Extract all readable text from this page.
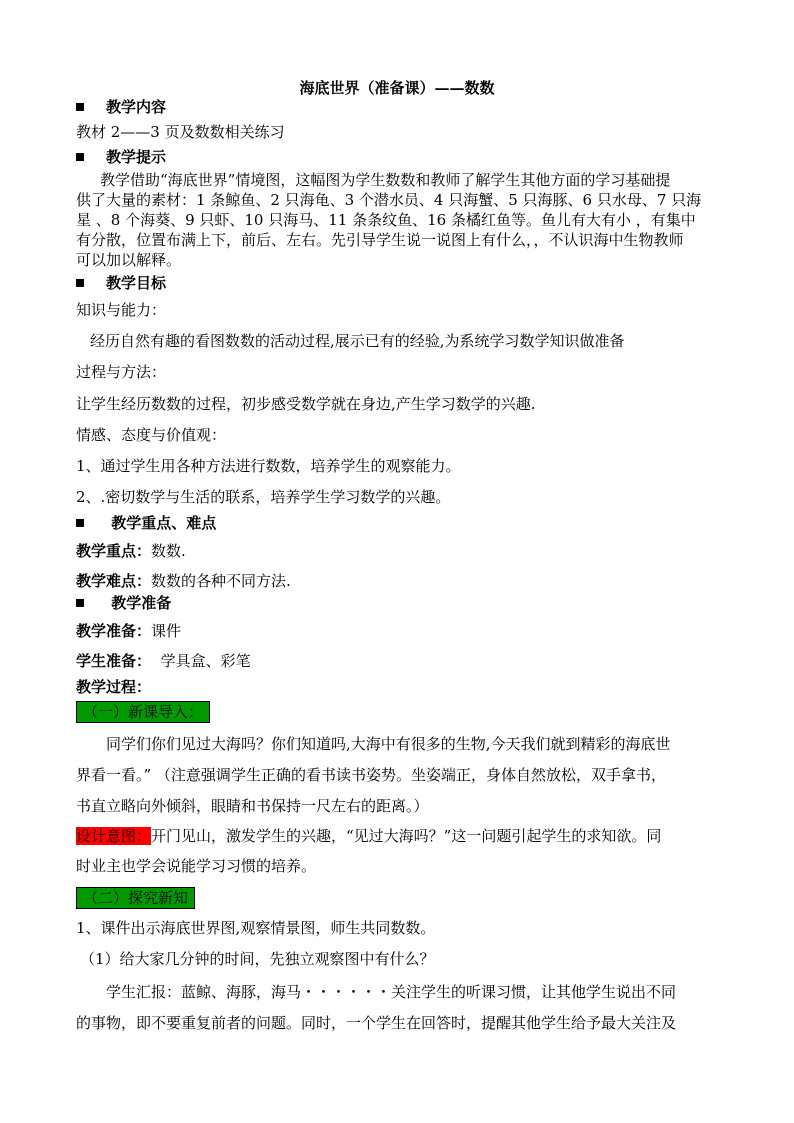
海底世界（准备课）——数数
教学内容
教材 2——3 页及数数相关练习
教学提示
教学借助“海底世界”情境图，这幅图为学生数数和教师了解学生其他方面的学习基础提
供了大量的素材：1 条鲸鱼、2 只海龟、3 个潜水员、4 只海蟹、5 只海豚、6 只水母、7 只海
星 、8 个海葵、9 只虾、10 只海马、11 条条纹鱼、16 条橘红鱼等。鱼儿有大有小 ，有集中
有分散，位置布满上下，前后、左右。先引导学生说一说图上有什么，，不认识海中生物教师
可以加以解释。
教学目标
知识与能力：
经历自然有趣的看图数数的活动过程,展示已有的经验,为系统学习数学知识做准备
过程与方法：
让学生经历数数的过程，初步感受数学就在身边,产生学习数学的兴趣.
情感、态度与价值观：
1、通过学生用各种方法进行数数，培养学生的观察能力。
2、.密切数学与生活的联系，培养学生学习数学的兴趣。
教学重点、难点
教学重点：数数.
教学难点：数数的各种不同方法.
教学准备
教学准备：课件
学生准备： 学具盒、彩笔
教学过程：
（一）新课导入：
同学们你们见过大海吗？你们知道吗,大海中有很多的生物,今天我们就到精彩的海底世
界看一看。” （注意强调学生正确的看书读书姿势。坐姿端正，身体自然放松，双手拿书，
书直立略向外倾斜，眼睛和书保持一尺左右的距离。）
设计意图：开门见山，激发学生的兴趣，“见过大海吗？”这一问题引起学生的求知欲。同
时业主也学会说能学习习惯的培养。
（二）探究新知
1、课件出示海底世界图,观察情景图，师生共同数数。
（1）给大家几分钟的时间，先独立观察图中有什么？
学生汇报：蓝鲸、海豚，海马・・・・・・关注学生的听课习惯，让其他学生说出不同
的事物，即不要重复前者的问题。同时，一个学生在回答时，提醒其他学生给予最大关注及
